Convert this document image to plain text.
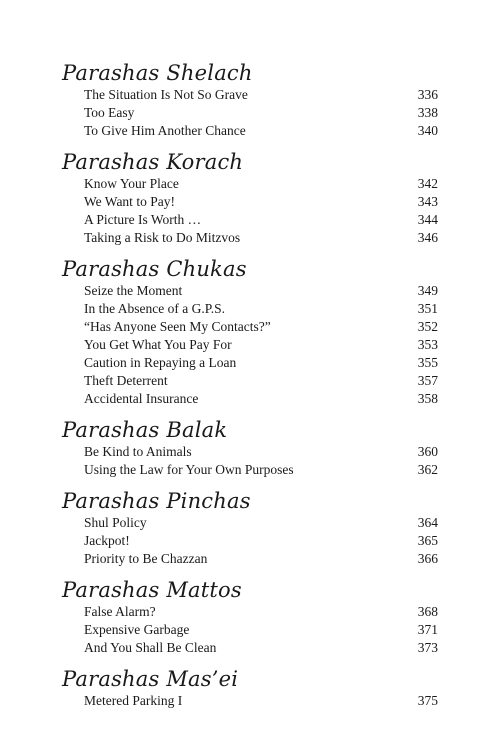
Parashas Shelach
The Situation Is Not So Grave	336
Too Easy	338
To Give Him Another Chance	340
Parashas Korach
Know Your Place	342
We Want to Pay!	343
A Picture Is Worth …	344
Taking a Risk to Do Mitzvos	346
Parashas Chukas
Seize the Moment	349
In the Absence of a G.P.S.	351
“Has Anyone Seen My Contacts?”	352
You Get What You Pay For	353
Caution in Repaying a Loan	355
Theft Deterrent	357
Accidental Insurance	358
Parashas Balak
Be Kind to Animals	360
Using the Law for Your Own Purposes	362
Parashas Pinchas
Shul Policy	364
Jackpot!	365
Priority to Be Chazzan	366
Parashas Mattos
False Alarm?	368
Expensive Garbage	371
And You Shall Be Clean	373
Parashas Mas’ei
Metered Parking I	375
